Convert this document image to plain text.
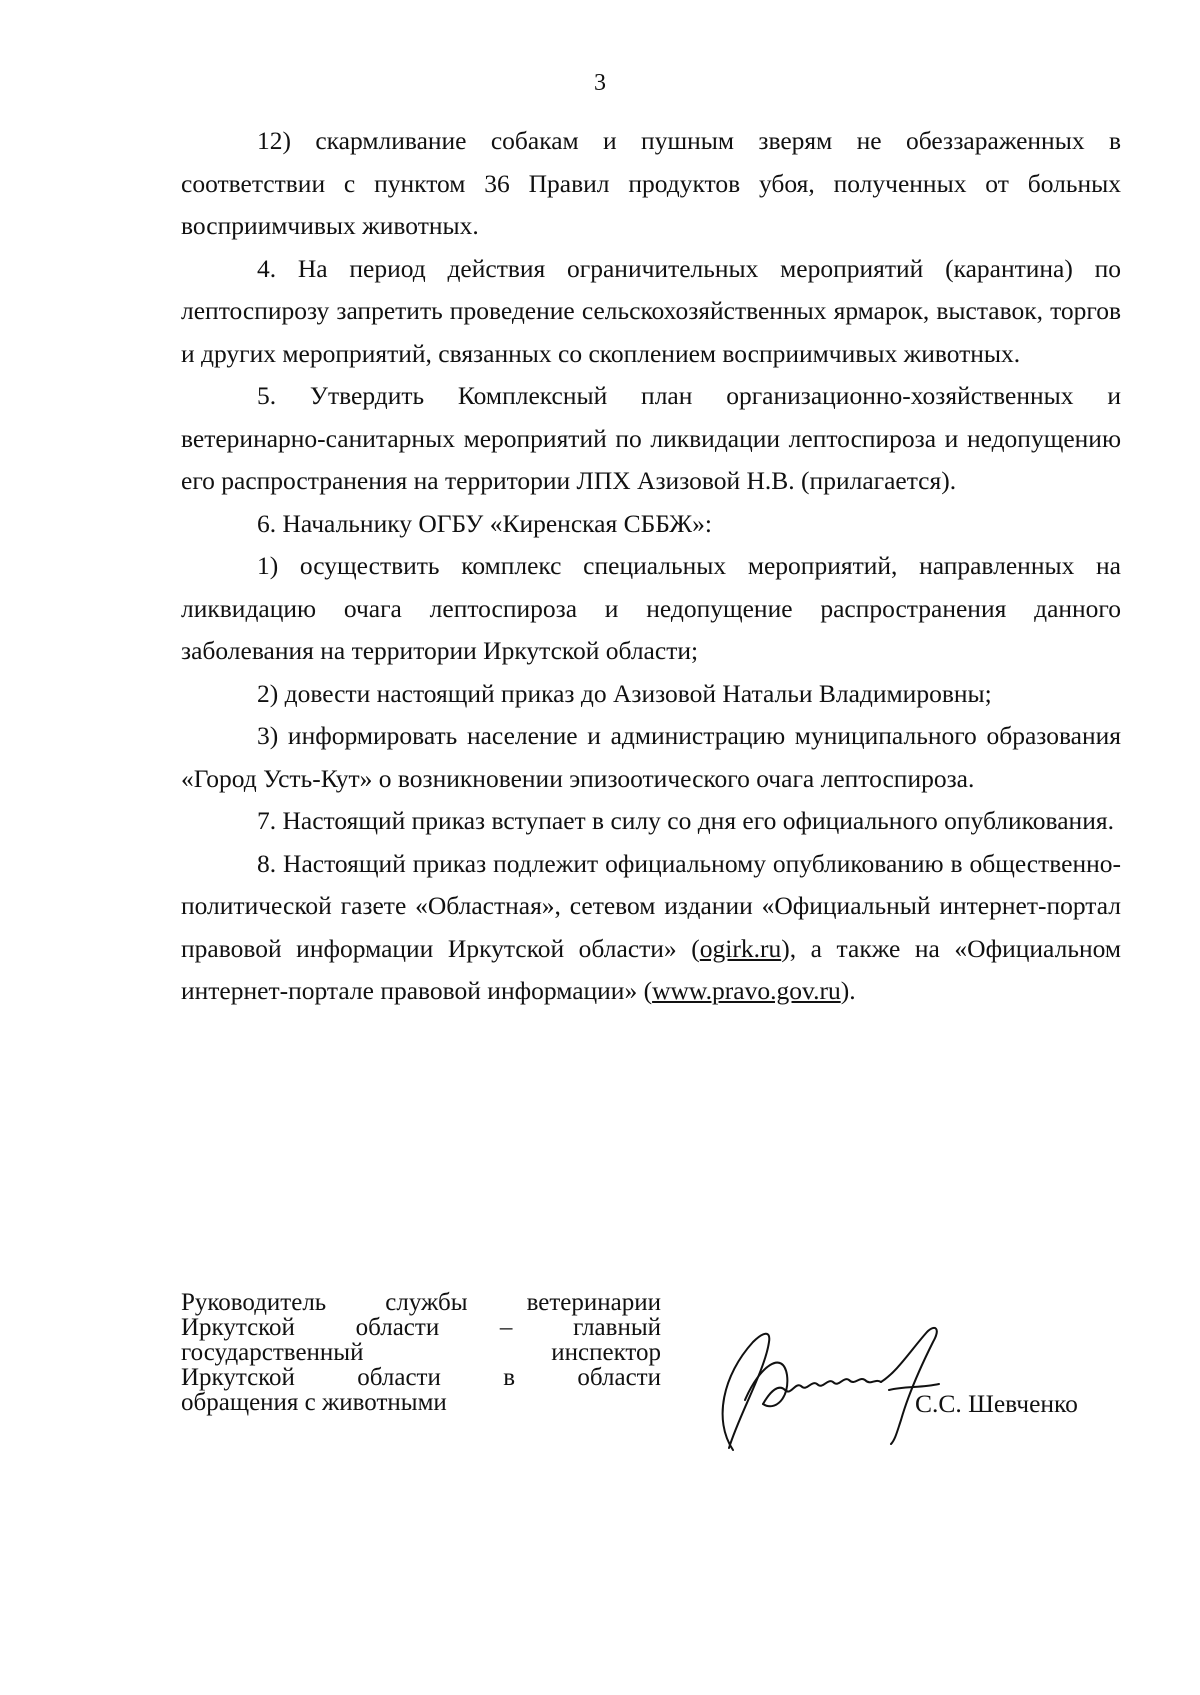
3

12) скармливание собакам и пушным зверям не обеззараженных в соответствии с пунктом 36 Правил продуктов убоя, полученных от больных восприимчивых животных.

4. На период действия ограничительных мероприятий (карантина) по лептоспирозу запретить проведение сельскохозяйственных ярмарок, выставок, торгов и других мероприятий, связанных со скоплением восприимчивых животных.

5. Утвердить Комплексный план организационно-хозяйственных и ветеринарно-санитарных мероприятий по ликвидации лептоспироза и недопущению его распространения на территории ЛПХ Азизовой Н.В. (прилагается).

6. Начальнику ОГБУ «Киренская СББЖ»:

1) осуществить комплекс специальных мероприятий, направленных на ликвидацию очага лептоспироза и недопущение распространения данного заболевания на территории Иркутской области;

2) довести настоящий приказ до Азизовой Натальи Владимировны;

3) информировать население и администрацию муниципального образования «Город Усть-Кут» о возникновении эпизоотического очага лептоспироза.

7. Настоящий приказ вступает в силу со дня его официального опубликования.

8. Настоящий приказ подлежит официальному опубликованию в общественно-политической газете «Областная», сетевом издании «Официальный интернет-портал правовой информации Иркутской области» (ogirk.ru), а также на «Официальном интернет-портале правовой информации» (www.pravo.gov.ru).

Руководитель службы ветеринарии
Иркутской области – главный
государственный	инспектор
Иркутской области в области
обращения с животными	С.С. Шевченко
